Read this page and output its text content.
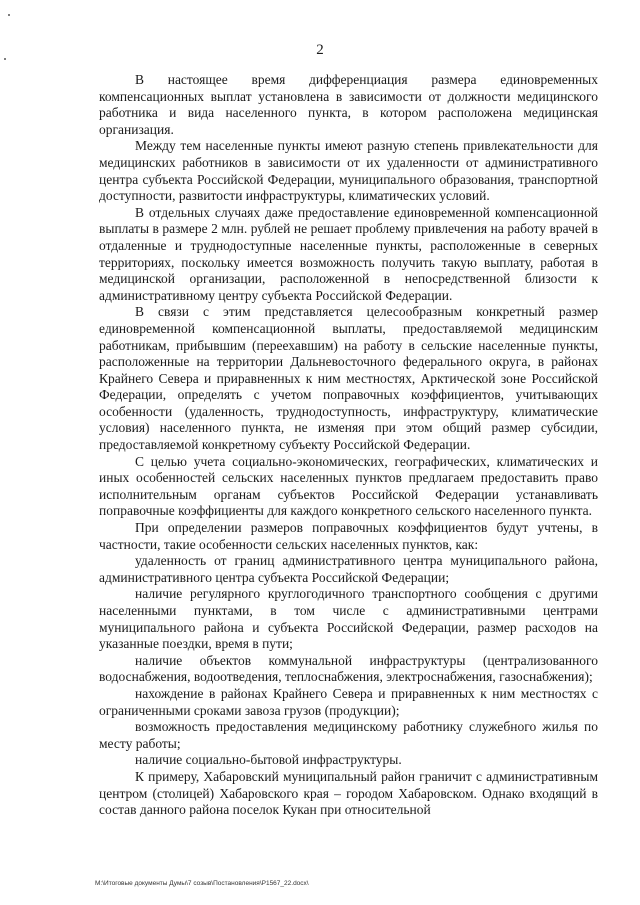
2

В настоящее время дифференциация размера единовременных компенсационных выплат установлена в зависимости от должности медицинского работника и вида населенного пункта, в котором расположена медицинская организация.

Между тем населенные пункты имеют разную степень привлекательности для медицинских работников в зависимости от их удаленности от административного центра субъекта Российской Федерации, муниципального образования, транспортной доступности, развитости инфраструктуры, климатических условий.

В отдельных случаях даже предоставление единовременной компенсационной выплаты в размере 2 млн. рублей не решает проблему привлечения на работу врачей в отдаленные и труднодоступные населенные пункты, расположенные в северных территориях, поскольку имеется возможность получить такую выплату, работая в медицинской организации, расположенной в непосредственной близости к административному центру субъекта Российской Федерации.

В связи с этим представляется целесообразным конкретный размер единовременной компенсационной выплаты, предоставляемой медицинским работникам, прибывшим (переехавшим) на работу в сельские населенные пункты, расположенные на территории Дальневосточного федерального округа, в районах Крайнего Севера и приравненных к ним местностях, Арктической зоне Российской Федерации, определять с учетом поправочных коэффициентов, учитывающих особенности (удаленность, труднодоступность, инфраструктуру, климатические условия) населенного пункта, не изменяя при этом общий размер субсидии, предоставляемой конкретному субъекту Российской Федерации.

С целью учета социально-экономических, географических, климатических и иных особенностей сельских населенных пунктов предлагаем предоставить право исполнительным органам субъектов Российской Федерации устанавливать поправочные коэффициенты для каждого конкретного сельского населенного пункта.

При определении размеров поправочных коэффициентов будут учтены, в частности, такие особенности сельских населенных пунктов, как:

удаленность от границ административного центра муниципального района, административного центра субъекта Российской Федерации;

наличие регулярного круглогодичного транспортного сообщения с другими населенными пунктами, в том числе с административными центрами муниципального района и субъекта Российской Федерации, размер расходов на указанные поездки, время в пути;

наличие объектов коммунальной инфраструктуры (централизованного водоснабжения, водоотведения, теплоснабжения, электроснабжения, газоснабжения);

нахождение в районах Крайнего Севера и приравненных к ним местностях с ограниченными сроками завоза грузов (продукции);

возможность предоставления медицинскому работнику служебного жилья по месту работы;

наличие социально-бытовой инфраструктуры.

К примеру, Хабаровский муниципальный район граничит с административным центром (столицей) Хабаровского края – городом Хабаровском. Однако входящий в состав данного района поселок Кукан при относительной

М:\Итоговые документы Думы\7 созыв\Постановления\Р1567_22.docx\
